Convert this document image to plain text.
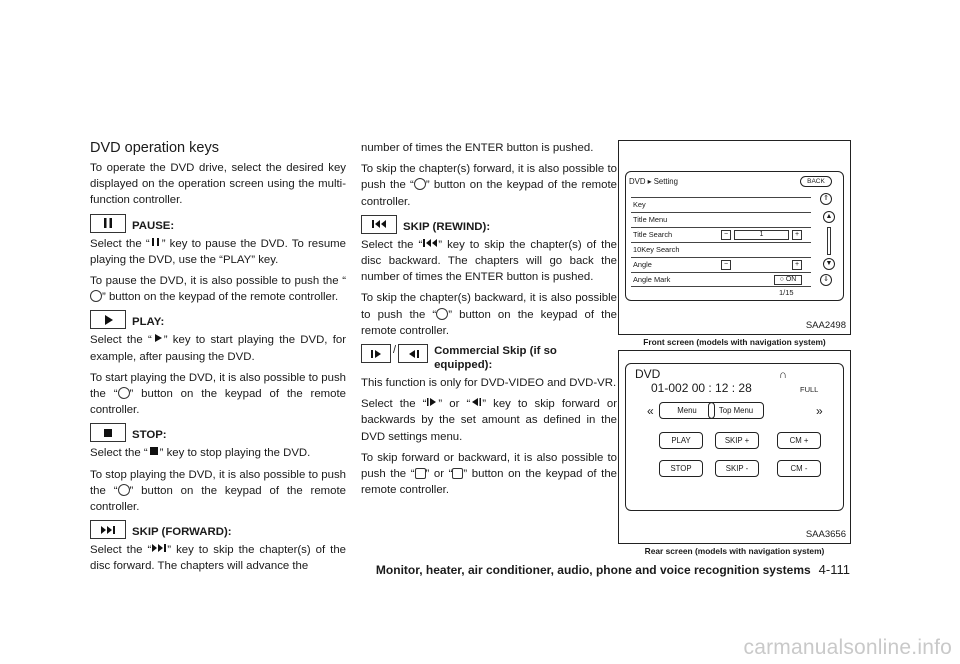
DVD operation keys

To operate the DVD drive, select the desired key displayed on the operation screen using the multi-function controller.

PAUSE:

Select the “ ” key to pause the DVD. To resume playing the DVD, use the “PLAY” key.

To pause the DVD, it is also possible to push the “” button on the keypad of the remote controller.

PLAY:

Select the “ ” key to start playing the DVD, for example, after pausing the DVD.

To start playing the DVD, it is also possible to push the “ ” button on the keypad of the remote controller.

STOP:

Select the “ ” key to stop playing the DVD.

To stop playing the DVD, it is also possible to push the “ ” button on the keypad of the remote controller.

SKIP (FORWARD):

Select the “ ” key to skip the chapter(s) of the disc forward. The chapters will advance the

number of times the ENTER button is pushed.

To skip the chapter(s) forward, it is also possible to push the “ ” button on the keypad of the remote controller.

SKIP (REWIND):

Select the “ ” key to skip the chapter(s) of the disc backward. The chapters will go back the number of times the ENTER button is pushed.

To skip the chapter(s) backward, it is also possible to push the “ ” button on the keypad of the remote controller.

/	Commercial Skip (if so equipped):

This function is only for DVD-VIDEO and DVD-VR.

Select the “ ” or “ ” key to skip forward or backwards by the set amount as defined in the DVD settings menu.

To skip forward or backward, it is also possible to push the “ ” or “ ” button on the keypad of the remote controller.

DVD ▸ Setting	BACK
Key
Title Menu
Title Search	−	1	+
10Key Search
Angle	−	+
Angle Mark	○ ON
1/15
⇑
▲
▼
⇓
SAA2498
Front screen (models with navigation system)
DVD
01-002 00 : 12 : 28
∩
FULL
«	»
Menu	Top Menu
PLAY	SKIP +	CM +
STOP	SKIP -	CM -
SAA3656
Rear screen (models with navigation system)
Monitor, heater, air conditioner, audio, phone and voice recognition systems 4-111
carmanualsonline.info
